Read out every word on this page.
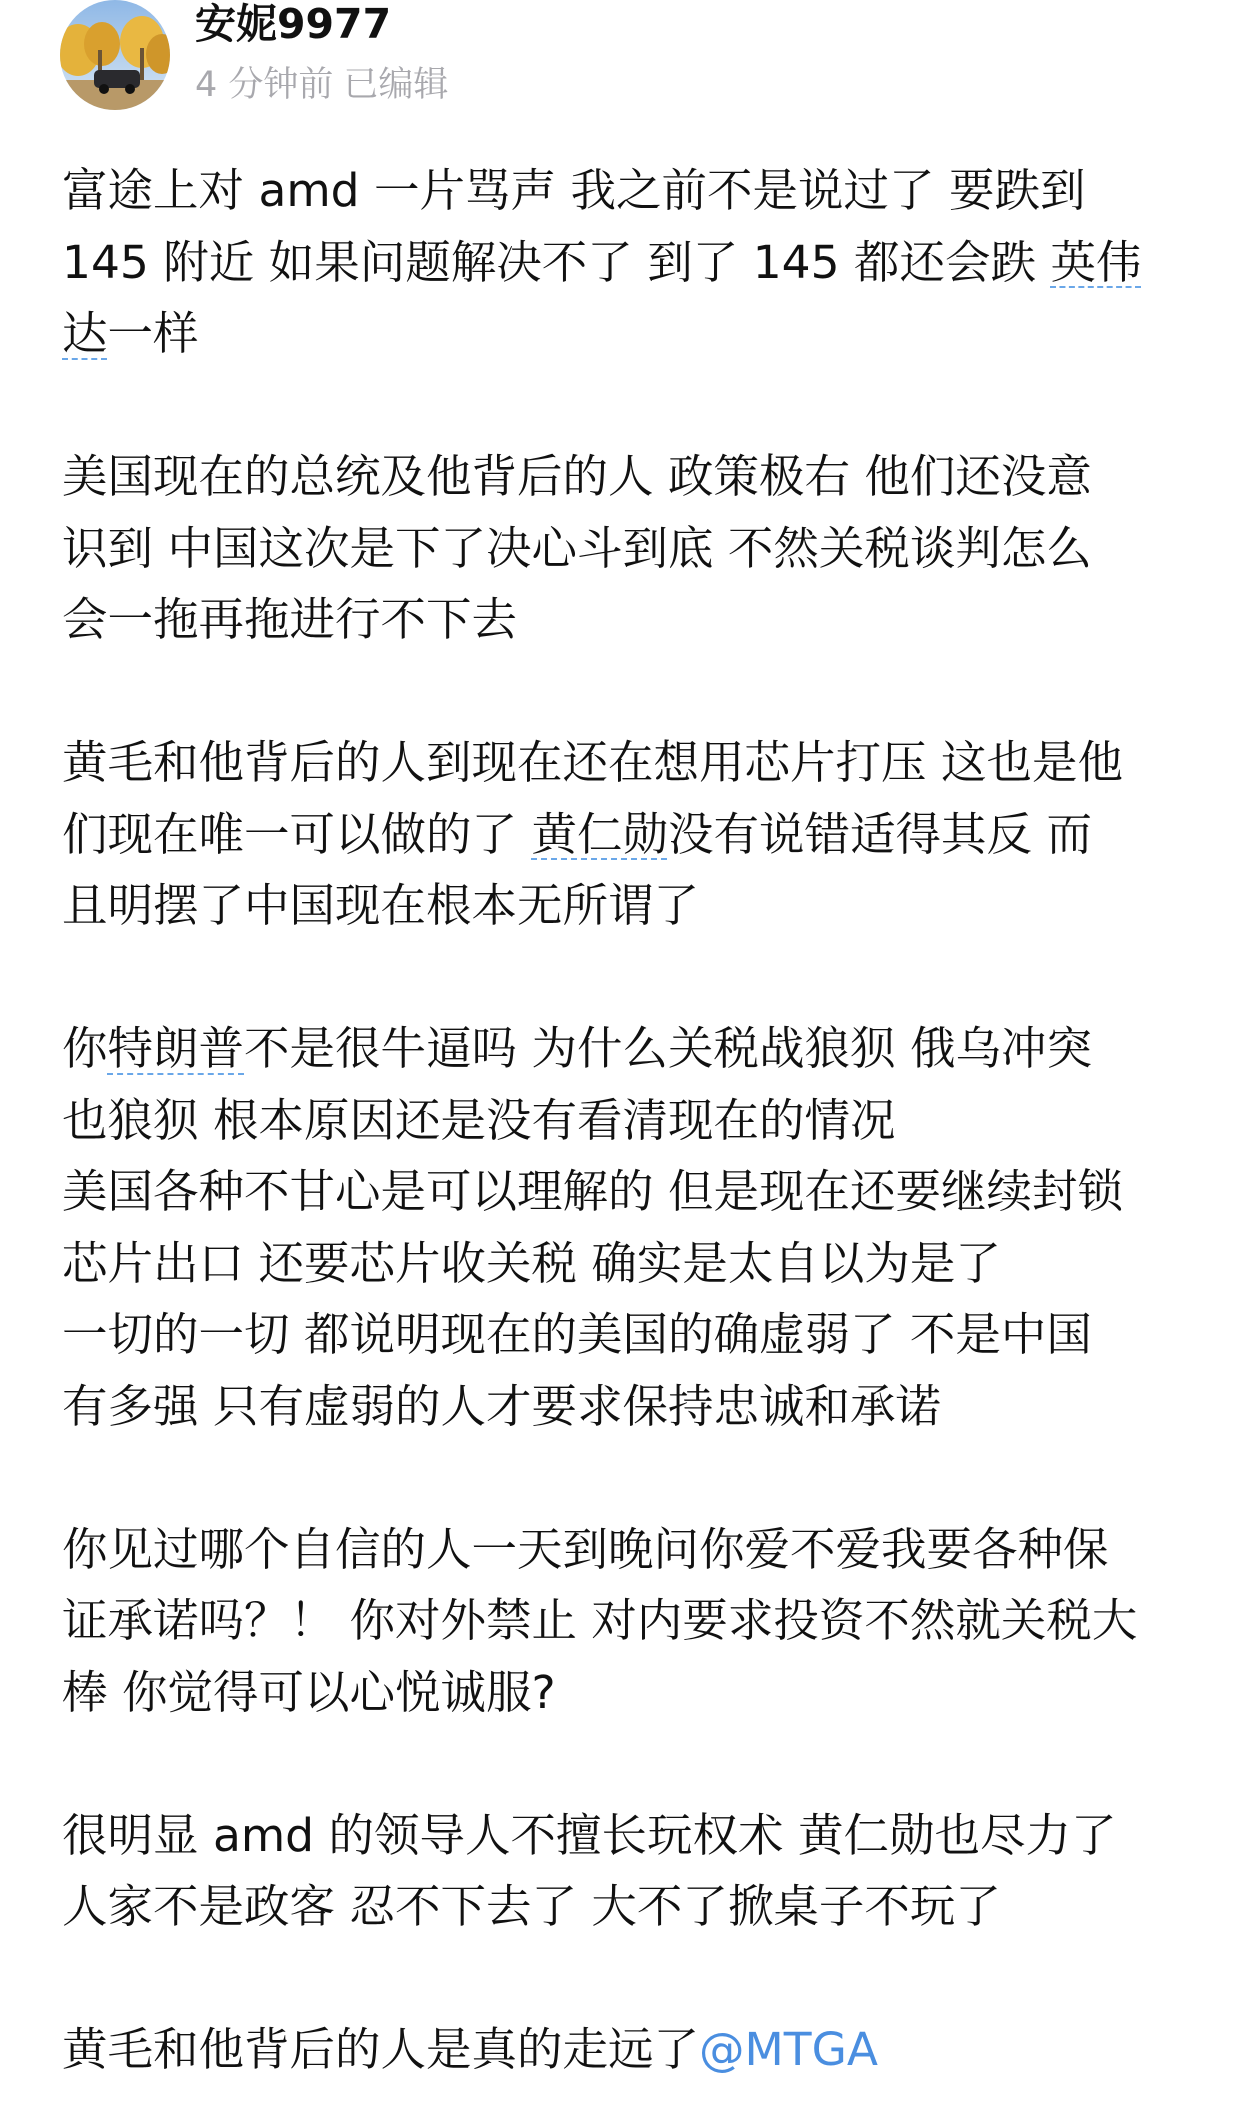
安妮9977
4 分钟前 已编辑
富途上对 amd 一片骂声 我之前不是说过了 要跌到
145 附近 如果问题解决不了 到了 145 都还会跌 英伟
达一样
美国现在的总统及他背后的人 政策极右 他们还没意
识到 中国这次是下了决心斗到底 不然关税谈判怎么
会一拖再拖进行不下去
黄毛和他背后的人到现在还在想用芯片打压 这也是他
们现在唯一可以做的了 黄仁勋没有说错适得其反 而
且明摆了中国现在根本无所谓了
你特朗普不是很牛逼吗 为什么关税战狼狈 俄乌冲突
也狼狈 根本原因还是没有看清现在的情况
美国各种不甘心是可以理解的 但是现在还要继续封锁
芯片出口 还要芯片收关税 确实是太自以为是了
一切的一切 都说明现在的美国的确虚弱了 不是中国
有多强 只有虚弱的人才要求保持忠诚和承诺
你见过哪个自信的人一天到晚问你爱不爱我要各种保
证承诺吗？！ 你对外禁止 对内要求投资不然就关税大
棒 你觉得可以心悦诚服?
很明显 amd 的领导人不擅长玩权术 黄仁勋也尽力了
人家不是政客 忍不下去了 大不了掀桌子不玩了
黄毛和他背后的人是真的走远了@MTGA
